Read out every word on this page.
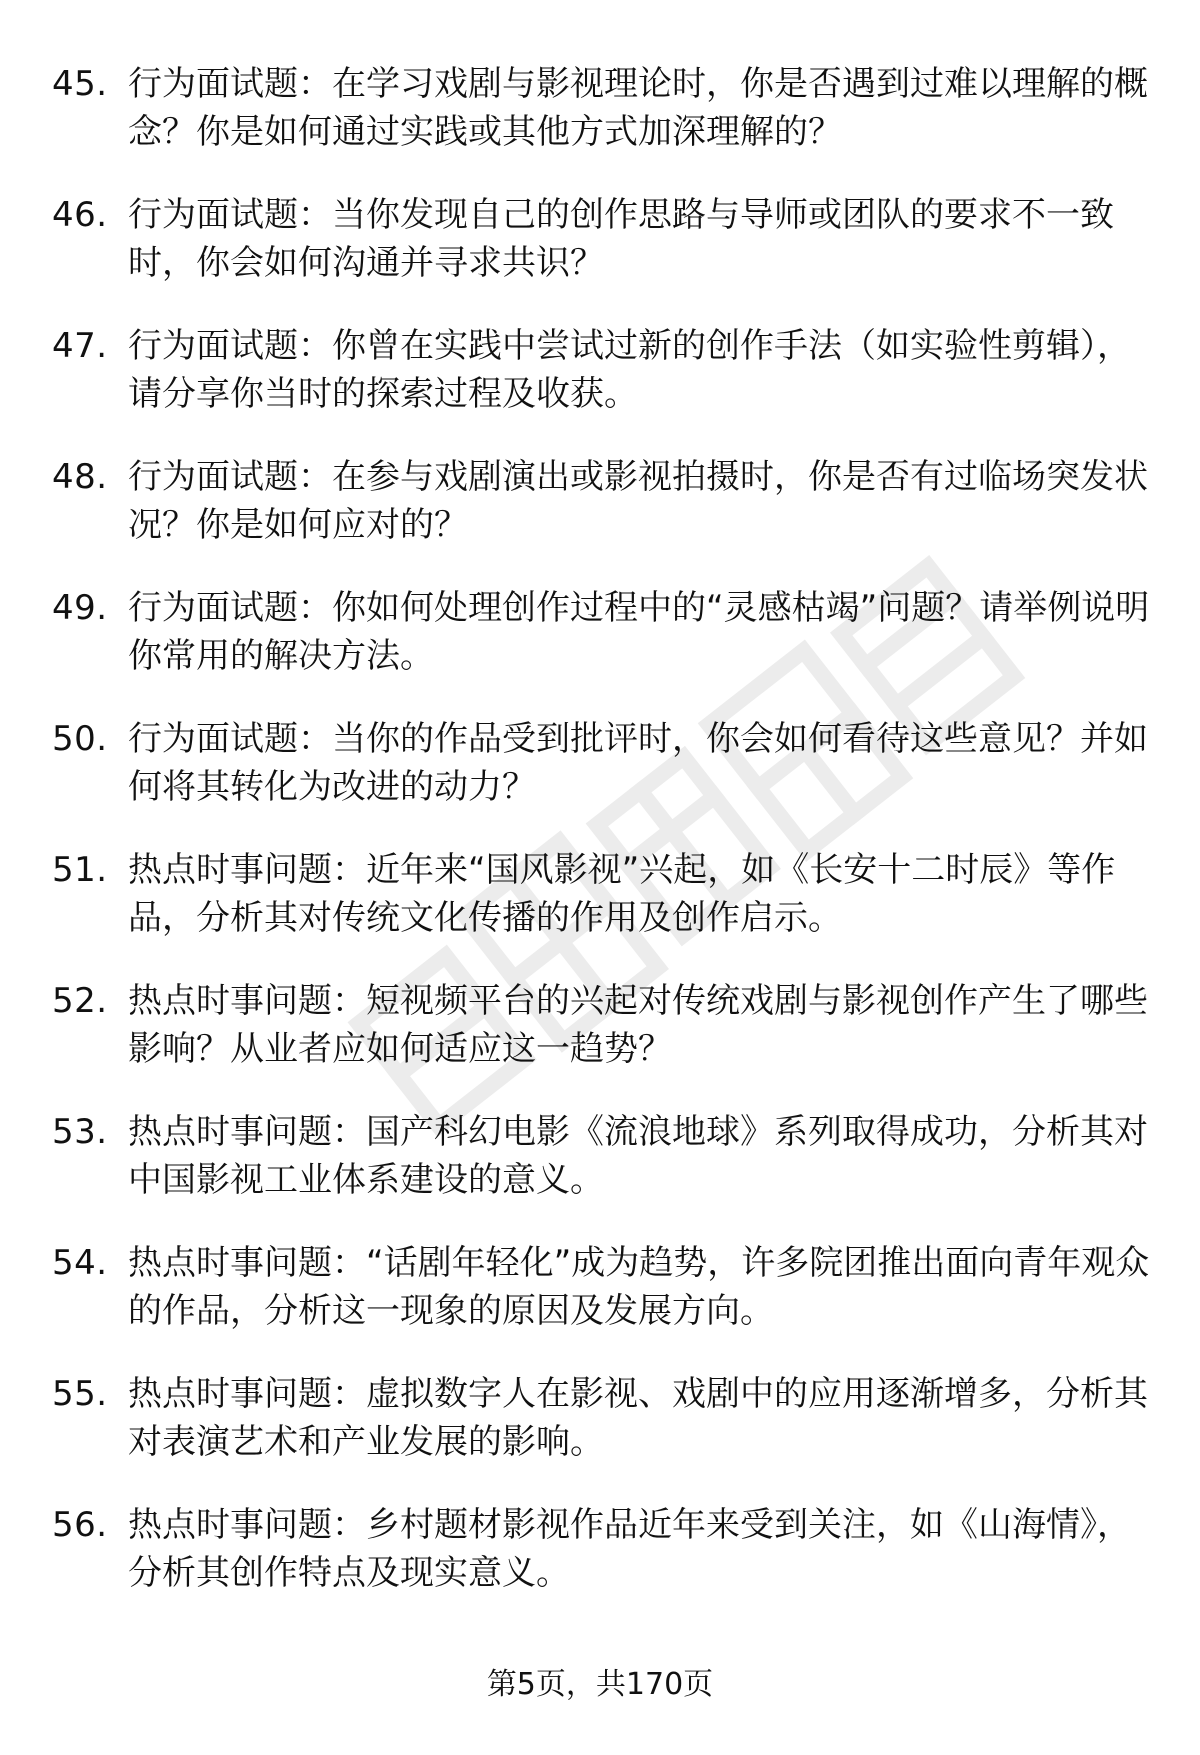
45. 行为面试题：在学习戏剧与影视理论时，你是否遇到过难以理解的概念？你是如何通过实践或其他方式加深理解的？
46. 行为面试题：当你发现自己的创作思路与导师或团队的要求不一致时，你会如何沟通并寻求共识？
47. 行为面试题：你曾在实践中尝试过新的创作手法（如实验性剪辑），请分享你当时的探索过程及收获。
48. 行为面试题：在参与戏剧演出或影视拍摄时，你是否有过临场突发状况？你是如何应对的？
49. 行为面试题：你如何处理创作过程中的“灵感枯竭”问题？请举例说明你常用的解决方法。
50. 行为面试题：当你的作品受到批评时，你会如何看待这些意见？并如何将其转化为改进的动力？
51. 热点时事问题：近年来“国风影视”兴起，如《长安十二时辰》等作品，分析其对传统文化传播的作用及创作启示。
52. 热点时事问题：短视频平台的兴起对传统戏剧与影视创作产生了哪些影响？从业者应如何适应这一趋势？
53. 热点时事问题：国产科幻电影《流浪地球》系列取得成功，分析其对中国影视工业体系建设的意义。
54. 热点时事问题：“话剧年轻化”成为趋势，许多院团推出面向青年观众的作品，分析这一现象的原因及发展方向。
55. 热点时事问题：虚拟数字人在影视、戏剧中的应用逐渐增多，分析其对表演艺术和产业发展的影响。
56. 热点时事问题：乡村题材影视作品近年来受到关注，如《山海情》，分析其创作特点及现实意义。
第5页，共170页
